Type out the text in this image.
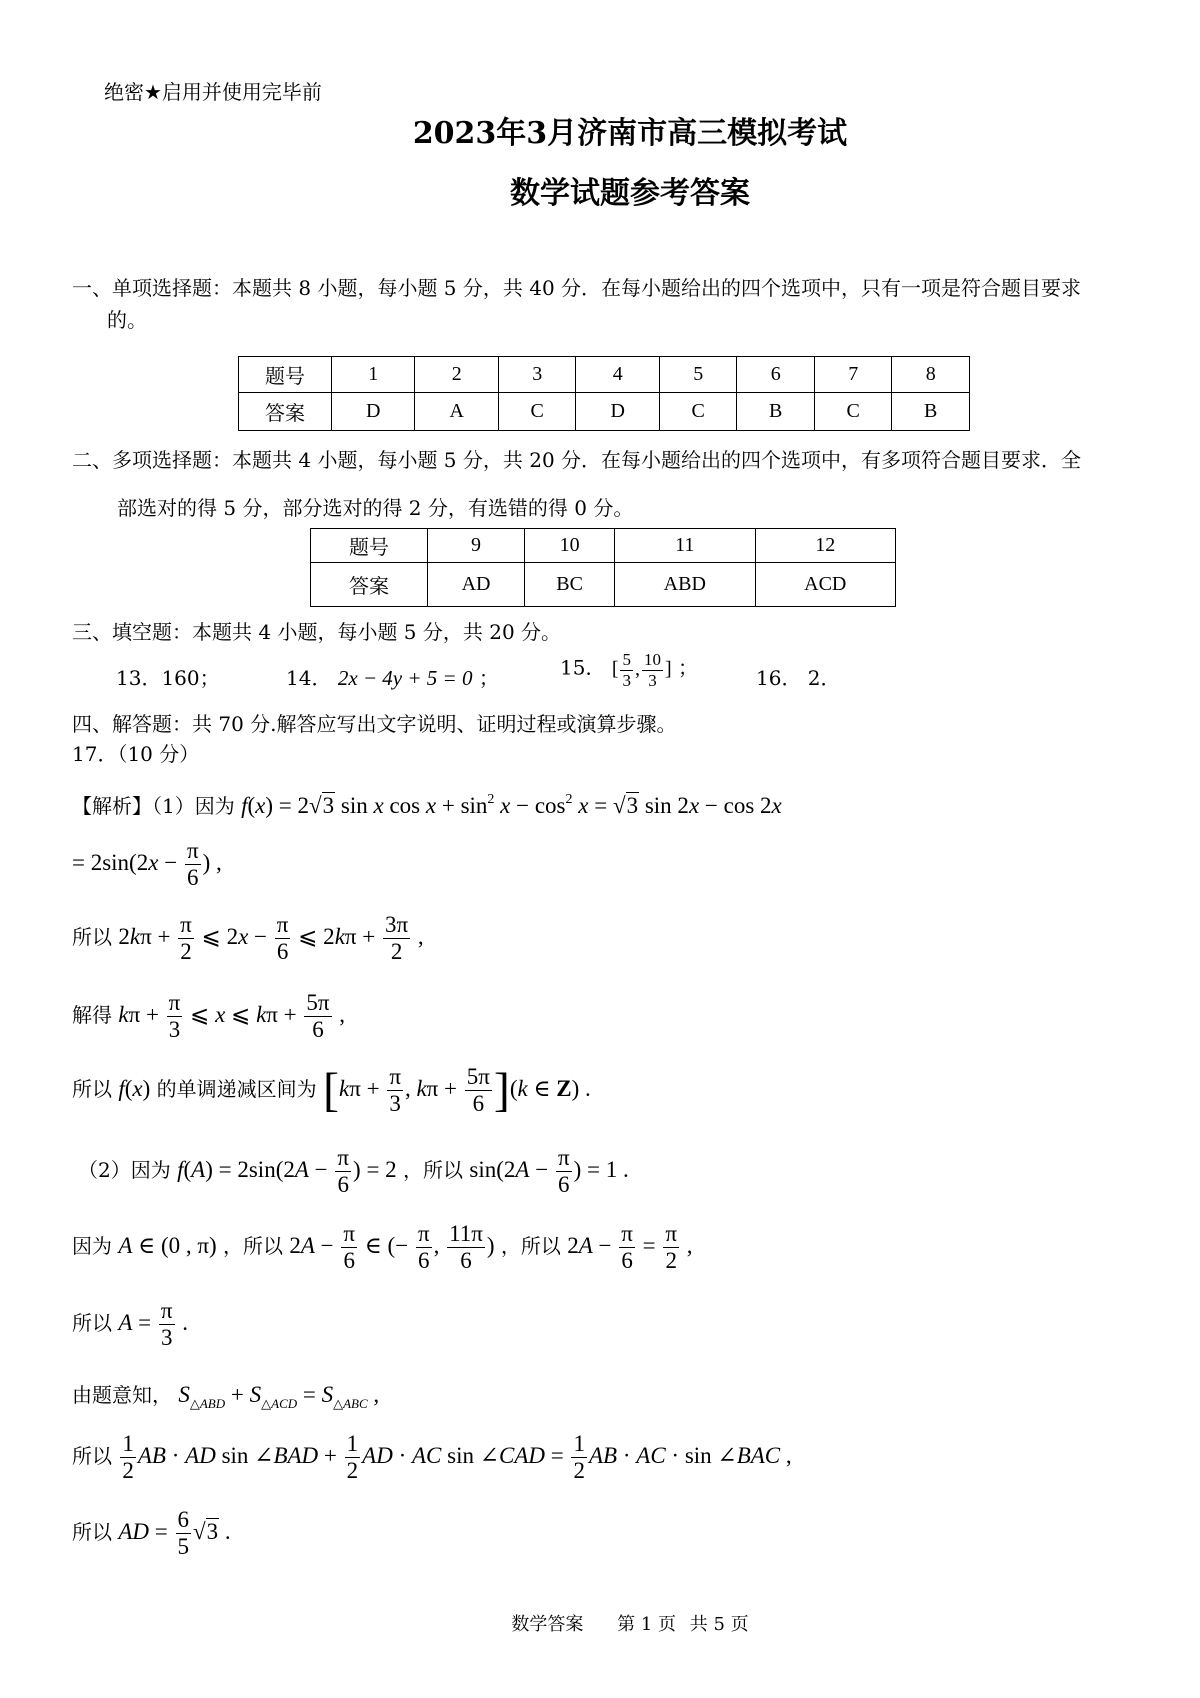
绝密★启用并使用完毕前
2023年3月济南市高三模拟考试
数学试题参考答案
一、单项选择题：本题共 8 小题，每小题 5 分，共 40 分．在每小题给出的四个选项中，只有一项是符合题目要求
的。
题号	1	2	3	4	5	6	7	8
答案	D	A	C	D	C	B	C	B
二、多项选择题：本题共 4 小题，每小题 5 分，共 20 分．在每小题给出的四个选项中，有多项符合题目要求．全
部选对的得 5 分，部分选对的得 2 分，有选错的得 0 分。
题号	9	10	11	12
答案	AD	BC	ABD	ACD
三、填空题：本题共 4 小题，每小题 5 分，共 20 分。
13．160；	14． 2x − 4y + 5 = 0 ；	15． [ $\frac{5}{3}$ , $\frac{10}{3}$ ] ；	16． 2．
四、解答题：共 70 分.解答应写出文字说明、证明过程或演算步骤。
17．（10 分）
【解析】（1）因为 f(x) = 2√3 sin x $\cos x + \sin^2 x - \cos^2 x = √3$ sin 2x − cos 2x
= $2\sin(2x - \frac{\pi}{6}$ ) ,
所以 $2k\pi + \frac{\pi}{2}$ ⩽ $2x - \frac{\pi}{6}$ ⩽ $2k\pi + \frac{3\pi}{2}$ ,
解得 $k\pi + \frac{\pi}{3}$ ⩽ x ⩽ $k\pi + \frac{5\pi}{6}$ ,
所以 f(x) 的单调递减区间为 [$k\pi + \frac{\pi}{3}$ , $k\pi + \frac{5\pi}{6} ](k$ ∈ Z) .
（2）因为 $f(A) = 2\sin(2A - \frac{\pi}{6}$ ) = 2 ，所以 $\sin(2A - \frac{\pi}{6}$ ) = 1 .
因为 A ∈ (0 , π) ，所以 $2A - \frac{\pi}{6}$ ∈ (− $\frac{\pi}{6}$ , $\frac{11\pi}{6}$ ) ，所以 $2A - \frac{\pi}{6} = \frac{\pi}{2}$ ,
所以 $A = \frac{\pi}{3}$ .
由题意知， $S_{\triangle ABD} + S_{\triangle ACD} = S_{\triangle ABC}$ ,
所以 $\frac{1}{2}$ AB · AD sin ∠BAD + $\frac{1}{2}$ AD · AC sin ∠CAD = $\frac{1}{2}$ AB · AC · sin ∠BAC ,
所以 AD = $\frac{6}{5} √3$ .
数学答案 第 1 页 共 5 页
